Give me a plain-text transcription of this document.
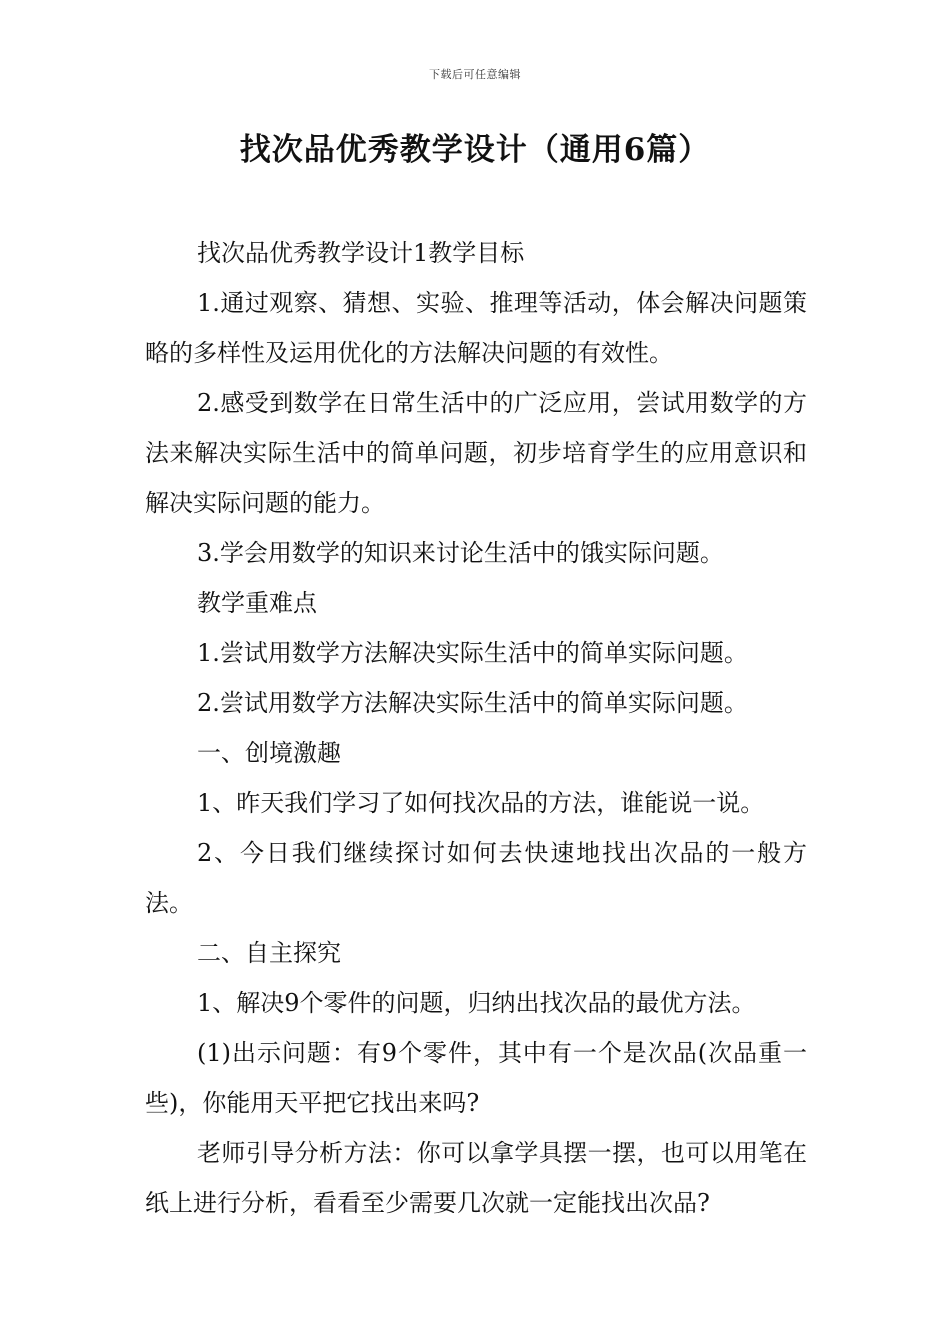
下载后可任意编辑
找次品优秀教学设计（通用6篇）

找次品优秀教学设计1教学目标

1.通过观察、猜想、实验、推理等活动，体会解决问题策略的多样性及运用优化的方法解决问题的有效性。

2.感受到数学在日常生活中的广泛应用，尝试用数学的方法来解决实际生活中的简单问题，初步培育学生的应用意识和解决实际问题的能力。

3.学会用数学的知识来讨论生活中的饿实际问题。

教学重难点

1.尝试用数学方法解决实际生活中的简单实际问题。

2.尝试用数学方法解决实际生活中的简单实际问题。

一、创境激趣

1、昨天我们学习了如何找次品的方法，谁能说一说。

2、今日我们继续探讨如何去快速地找出次品的一般方法。

二、自主探究

1、解决9个零件的问题，归纳出找次品的最优方法。

(1)出示问题：有9个零件，其中有一个是次品(次品重一些)，你能用天平把它找出来吗?

老师引导分析方法：你可以拿学具摆一摆，也可以用笔在纸上进行分析，看看至少需要几次就一定能找出次品?
